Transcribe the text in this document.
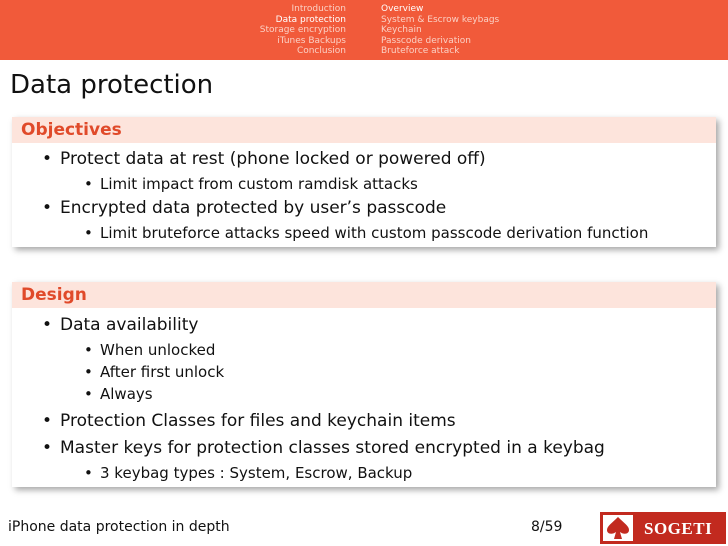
Introduction
Data protection
Storage encryption
iTunes Backups
Conclusion
Overview
System & Escrow keybags
Keychain
Passcode derivation
Bruteforce attack
Data protection
Objectives
• Protect data at rest (phone locked or powered off)
• Limit impact from custom ramdisk attacks
• Encrypted data protected by user’s passcode
• Limit bruteforce attacks speed with custom passcode derivation function
Design
• Data availability
• When unlocked
• After first unlock
• Always
• Protection Classes for files and keychain items
• Master keys for protection classes stored encrypted in a keybag
• 3 keybag types : System, Escrow, Backup
iPhone data protection in depth	8/59	SOGETI
